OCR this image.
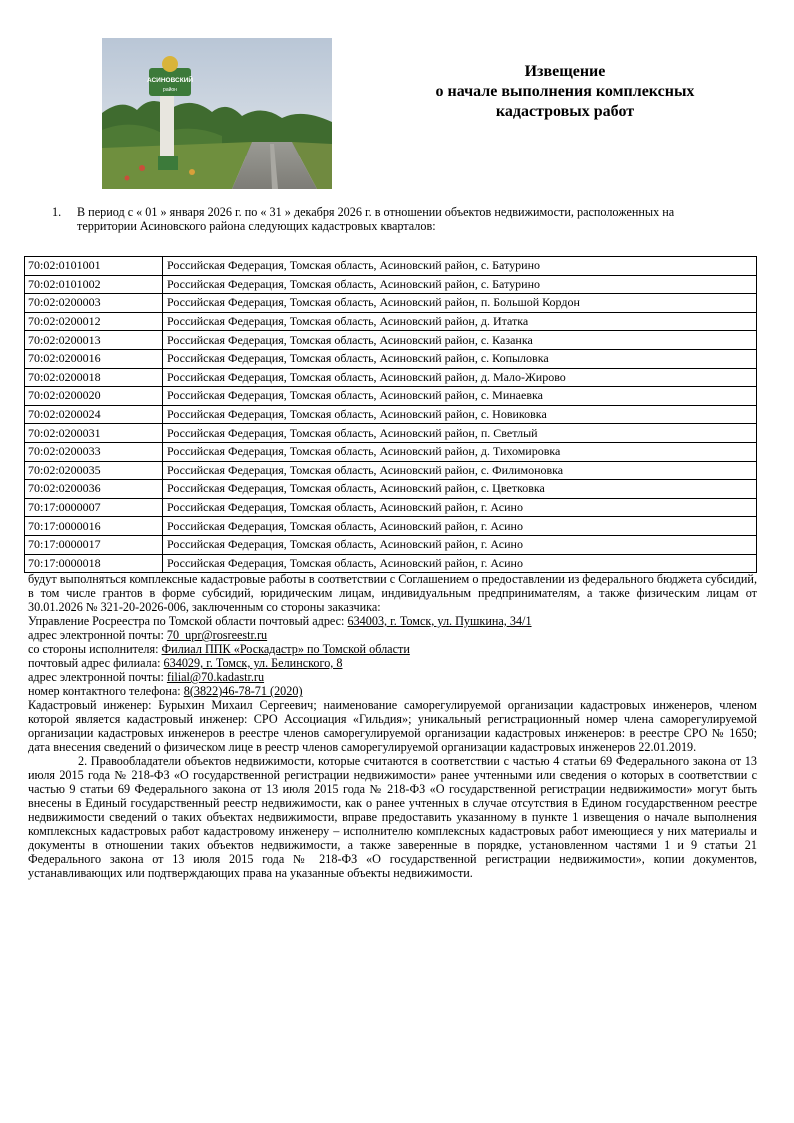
АСИНОВСКИЙ
район
Извещение
о начале выполнения комплексных
кадастровых работ
1. В период с « 01 » января 2026 г. по « 31 » декабря 2026 г. в отношении объектов недвижимости, расположенных на
территории Асиновского района следующих кадастровых кварталов:
70:02:0101001	Российская Федерация, Томская область, Асиновский район, с. Батурино
70:02:0101002	Российская Федерация, Томская область, Асиновский район, с. Батурино
70:02:0200003	Российская Федерация, Томская область, Асиновский район, п. Большой Кордон
70:02:0200012	Российская Федерация, Томская область, Асиновский район, д. Итатка
70:02:0200013	Российская Федерация, Томская область, Асиновский район, с. Казанка
70:02:0200016	Российская Федерация, Томская область, Асиновский район, с. Копыловка
70:02:0200018	Российская Федерация, Томская область, Асиновский район, д. Мало-Жирово
70:02:0200020	Российская Федерация, Томская область, Асиновский район, с. Минаевка
70:02:0200024	Российская Федерация, Томская область, Асиновский район, с. Новиковка
70:02:0200031	Российская Федерация, Томская область, Асиновский район, п. Светлый
70:02:0200033	Российская Федерация, Томская область, Асиновский район, д. Тихомировка
70:02:0200035	Российская Федерация, Томская область, Асиновский район, с. Филимоновка
70:02:0200036	Российская Федерация, Томская область, Асиновский район, с. Цветковка
70:17:0000007	Российская Федерация, Томская область, Асиновский район, г. Асино
70:17:0000016	Российская Федерация, Томская область, Асиновский район, г. Асино
70:17:0000017	Российская Федерация, Томская область, Асиновский район, г. Асино
70:17:0000018	Российская Федерация, Томская область, Асиновский район, г. Асино

будут выполняться комплексные кадастровые работы в соответствии с Соглашением о предоставлении из федерального бюджета субсидий, в том числе грантов в форме субсидий, юридическим лицам, индивидуальным предпринимателям, а также физическим лицам от 30.01.2026 № 321-20-2026-006, заключенным со стороны заказчика:

Управление Росреестра по Томской области почтовый адрес: 634003, г. Томск, ул. Пушкина, 34/1

адрес электронной почты: 70_upr@rosreestr.ru

со стороны исполнителя: Филиал ППК «Роскадастр» по Томской области

почтовый адрес филиала: 634029, г. Томск, ул. Белинского, 8

адрес электронной почты: filial@70.kadastr.ru

номер контактного телефона: 8(3822)46-78-71 (2020)

Кадастровый инженер: Бурыхин Михаил Сергеевич; наименование саморегулируемой организации кадастровых инженеров, членом которой является кадастровый инженер: СРО Ассоциация «Гильдия»; уникальный регистрационный номер члена саморегулируемой организации кадастровых инженеров в реестре членов саморегулируемой организации кадастровых инженеров: в реестре СРО № 1650; дата внесения сведений о физическом лице в реестр членов саморегулируемой организации кадастровых инженеров 22.01.2019.

2. Правообладатели объектов недвижимости, которые считаются в соответствии с частью 4 статьи 69 Федерального закона от 13 июля 2015 года № 218-ФЗ «О государственной регистрации недвижимости» ранее учтенными или сведения о которых в соответствии с частью 9 статьи 69 Федерального закона от 13 июля 2015 года № 218-ФЗ «О государственной регистрации недвижимости» могут быть внесены в Единый государственный реестр недвижимости, как о ранее учтенных в случае отсутствия в Едином государственном реестре недвижимости сведений о таких объектах недвижимости, вправе предоставить указанному в пункте 1 извещения о начале выполнения комплексных кадастровых работ кадастровому инженеру – исполнителю комплексных кадастровых работ имеющиеся у них материалы и документы в отношении таких объектов недвижимости, а также заверенные в порядке, установленном частями 1 и 9 статьи 21 Федерального закона от 13 июля 2015 года № 218-ФЗ «О государственной регистрации недвижимости», копии документов, устанавливающих или подтверждающих права на указанные объекты недвижимости.
